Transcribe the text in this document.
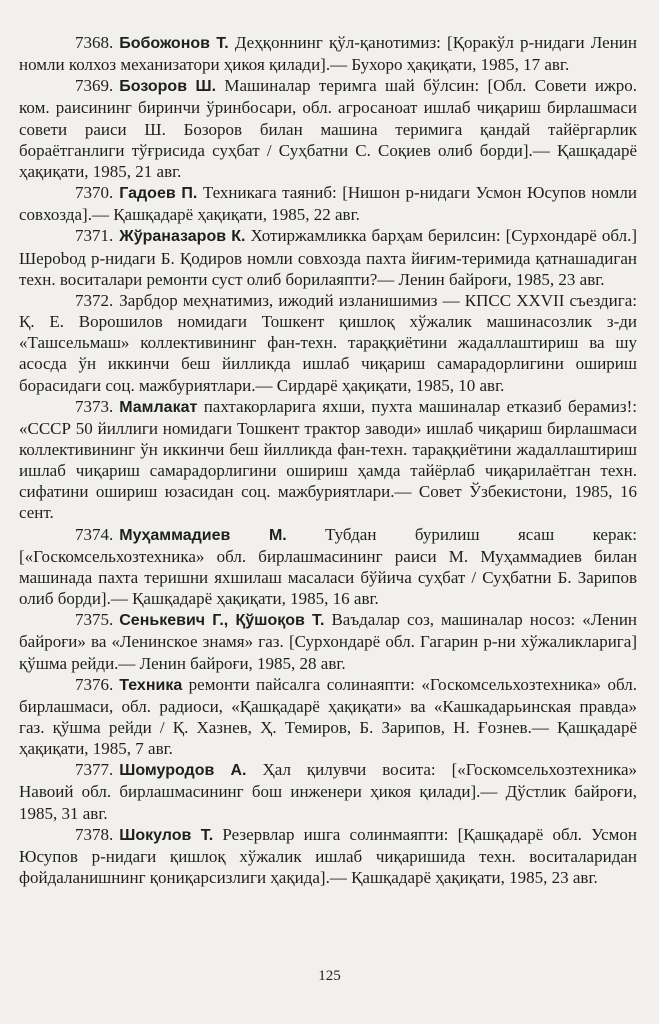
7368. Бобожонов Т. Деҳқоннинг қўл-қанотимиз: [Қоракўл р-нидаги Ленин номли колхоз механизатори ҳикоя қилади].— Бухоро ҳақиқати, 1985, 17 авг.

7369. Бозоров Ш. Машиналар теримга шай бўлсин: [Обл. Совети ижро. ком. раисининг биринчи ўринбосари, обл. агросаноат ишлаб чиқариш бирлашмаси совети раиси Ш. Бозоров билан машина теримига қандай тайёргарлик бораётганлиги тўғрисида суҳбат / Суҳбатни С. Соқиев олиб борди].— Қашқадарё ҳақиқати, 1985, 21 авг.

7370. Гадоев П. Техникага таяниб: [Нишон р-нидаги Усмон Юсупов номли совхозда].— Қашқадарё ҳақиқати, 1985, 22 авг.

7371. Жўраназаров К. Хотиржамликка барҳам берилсин: [Сурхондарё обл.] Шерobод р-нидаги Б. Қодиров номли совхозда пахта йиғим-теримида қатнашадиган техн. воситалари ремонти суст олиб борилаяпти?— Ленин байроғи, 1985, 23 авг.

7372. Зарбдор меҳнатимиз, ижодий изланишимиз — КПСС XXVII съездига: Қ. Е. Ворошилов номидаги Тошкент қишлоқ хўжалик машинасозлик з-ди «Ташсельмаш» коллективининг фан-техн. тараққиётини жадаллаштириш ва шу асосда ўн иккинчи беш йилликда ишлаб чиқариш самарадорлигини ошириш борасидаги соц. мажбуриятлари.— Сирдарё ҳақиқати, 1985, 10 авг.

7373. Мамлакат пахтакорларига яхши, пухта машиналар етказиб берамиз!: «СССР 50 йиллиги номидаги Тошкент трактор заводи» ишлаб чиқариш бирлашмаси коллективининг ўн иккинчи беш йилликда фан-техн. тараққиётини жадаллаштириш ишлаб чиқариш самарадорлигини ошириш ҳамда тайёрлаб чиқарилаётган техн. сифатини ошириш юзасидан соц. мажбуриятлари.— Совет Ўзбекистони, 1985, 16 сент.

7374. Муҳаммадиев М. Тубдан бурилиш ясаш керак: [«Госкомсельхозтехника» обл. бирлашмасининг раиси М. Муҳаммадиев билан машинада пахта теришни яхшилаш масаласи бўйича суҳбат / Суҳбатни Б. Зарипов олиб борди].— Қашқадарё ҳақиқати, 1985, 16 авг.

7375. Сенькевич Г., Қўшоқов Т. Ваъдалар соз, машиналар носоз: «Ленин байроғи» ва «Ленинское знамя» газ. [Сурхондарё обл. Гагарин р-ни хўжаликларига] қўшма рейди.— Ленин байроғи, 1985, 28 авг.

7376. Техника ремонти пайсалга солинаяпти: «Госкомсельхозтехника» обл. бирлашмаси, обл. радиоси, «Қашқадарё ҳақиқати» ва «Кашкадарьинская правда» газ. қўшма рейди / Қ. Хазнев, Ҳ. Темиров, Б. Зарипов, Н. Ғознев.— Қашқадарё ҳақиқати, 1985, 7 авг.

7377. Шомуродов А. Ҳал қилувчи восита: [«Госкомсельхозтехника» Навоий обл. бирлашмасининг бош инженери ҳикоя қилади].— Дўстлик байроғи, 1985, 31 авг.

7378. Шокулов Т. Резервлар ишга солинмаяпти: [Қашқадарё обл. Усмон Юсупов р-нидаги қишлоқ хўжалик ишлаб чиқаришида техн. воситаларидан фойдаланишнинг қониқарсизлиги ҳақида].— Қашқадарё ҳақиқати, 1985, 23 авг.

125
